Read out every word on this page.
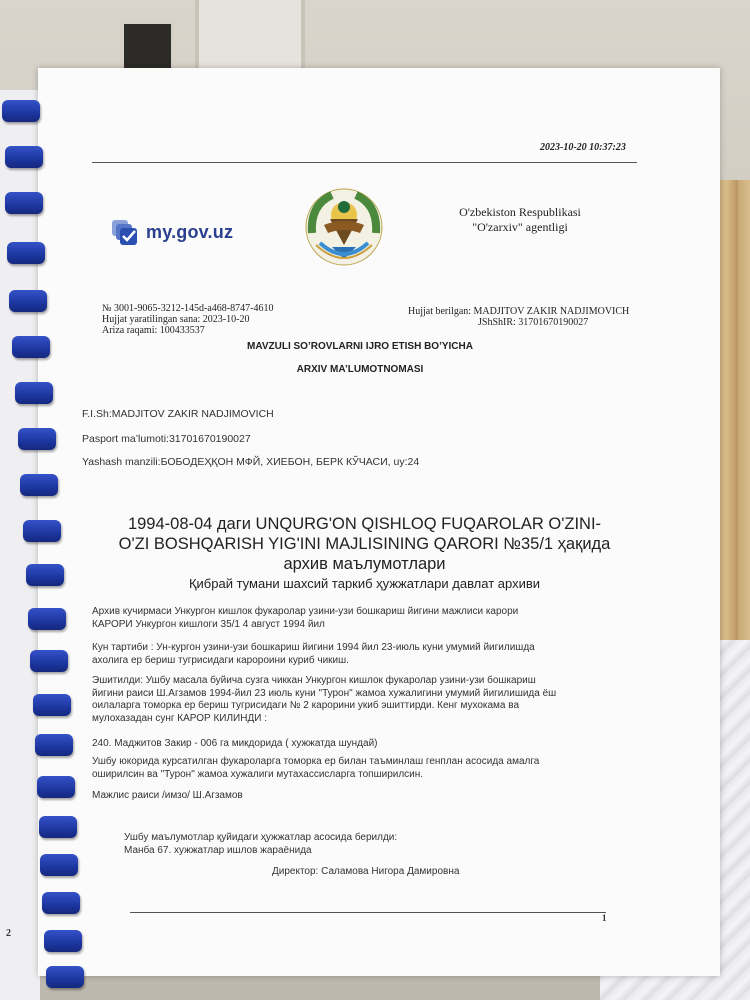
2
2023-10-20 10:37:23
my.gov.uz
O'zbekiston Respublikasi
"O'zarxiv" agentligi
№ 3001-9065-3212-145d-a468-8747-4610
Hujjat yaratilingan sana: 2023-10-20
Ariza raqami: 100433537
Hujjat berilgan: MADJITOV ZAKIR NADJIMOVICH
JShShIR: 31701670190027
MAVZULI SO’ROVLARNI IJRO ETISH BO’YICHA
ARXIV MA’LUMOTNOMASI
F.I.Sh:MADJITOV ZAKIR NADJIMOVICH
Pasport ma’lumoti:31701670190027
Yashash manzili:БОБОДЕҲҚОН МФЙ, ХИЕБОН, БЕРК КЎЧАСИ, uy:24
1994-08-04 даги UNQURG'ON QISHLOQ FUQAROLAR O'ZINI-
O'ZI BOSHQARISH YIG'INI MAJLISINING QARORI №35/1 ҳақида
архив маълумотлари
Қибрай тумани шахсий таркиб ҳужжатлари давлат архиви
Архив кучирмаси Ункургон кишлок фукаролар узини-узи бошкариш йигини мажлиси карори
КАРОРИ Ункургон кишлоги 35/1 4 август 1994 йил
Кун тартиби : Ун-кургон узини-узи бошкариш йигини 1994 йил 23-июль куни умумий йигилишда
ахолига ер бериш тугрисидаги каророини куриб чикиш.
Эшитилди: Ушбу масала буйича сузга чиккан Ункургон кишлок фукаролар узини-узи бошкариш
йигини раиси Ш.Агзамов 1994-йил 23 июль куни "Турон" жамоа хужалигини умумий йигилишида ёш
оилаларга томорка ер бериш тугрисидаги № 2 карорини укиб эшиттирди. Кенг мухокама ва
мулохазадан сунг КАРОР КИЛИНДИ :
240. Маджитов Закир - 006 га микдорида ( хужжатда шундай)
Ушбу юкорида курсатилган фукароларга томорка ер билан таъминлаш генплан асосида амалга
оширилсин ва "Турон" жамоа хужалиги мутахассисларга топширилсин.
Мажлис раиси /имзо/ Ш.Агзамов
Ушбу маълумотлар қуйидаги ҳужжатлар асосида берилди:
Манба 67. хужжатлар ишлов жараёнида
Директор: Саламова Нигора Дамировна
1
